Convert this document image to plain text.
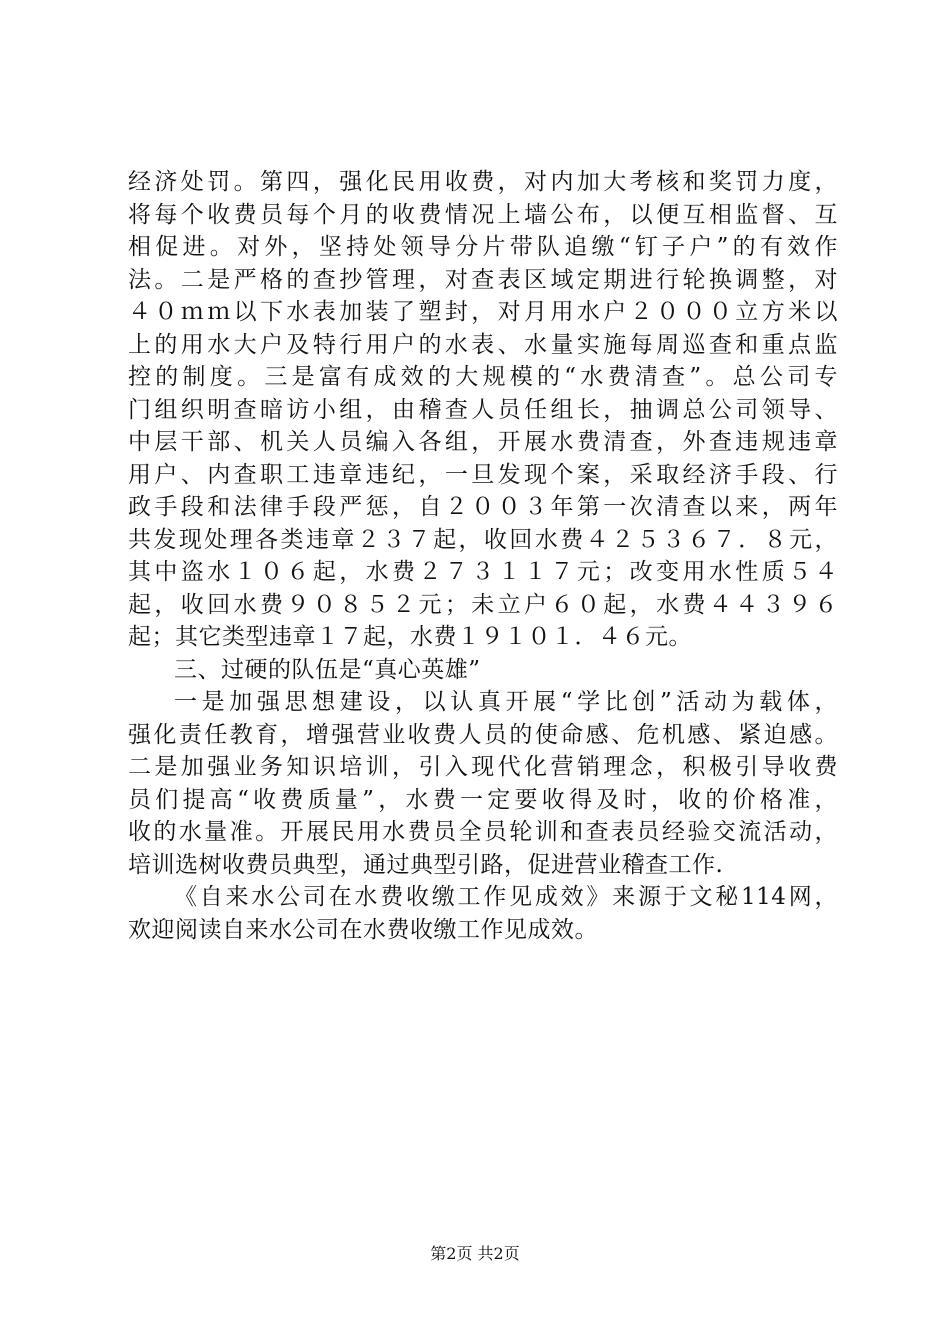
经济处罚。第四，强化民用收费，对内加大考核和奖罚力度，
将每个收费员每个月的收费情况上墙公布，以便互相监督、互
相促进。对外，坚持处领导分片带队追缴“钉子户”的有效作
法。二是严格的查抄管理，对查表区域定期进行轮换调整，对
４０ｍｍ以下水表加装了塑封，对月用水户２０００立方米以
上的用水大户及特行用户的水表、水量实施每周巡查和重点监
控的制度。三是富有成效的大规模的“水费清查”。总公司专
门组织明查暗访小组，由稽查人员任组长，抽调总公司领导、
中层干部、机关人员编入各组，开展水费清查，外查违规违章
用户、内查职工违章违纪，一旦发现个案，采取经济手段、行
政手段和法律手段严惩，自２００３年第一次清查以来，两年
共发现处理各类违章２３７起，收回水费４２５３６７．８元，
其中盗水１０６起，水费２７３１１７元；改变用水性质５４
起，收回水费９０８５２元；未立户６０起，水费４４３９６
起；其它类型违章１７起，水费１９１０１．４６元。
三、过硬的队伍是“真心英雄”
一是加强思想建设，以认真开展“学比创”活动为载体，
强化责任教育，增强营业收费人员的使命感、危机感、紧迫感。
二是加强业务知识培训，引入现代化营销理念，积极引导收费
员们提高“收费质量”，水费一定要收得及时，收的价格准，
收的水量准。开展民用水费员全员轮训和查表员经验交流活动，
培训选树收费员典型，通过典型引路，促进营业稽查工作.
《自来水公司在水费收缴工作见成效》来源于文秘114网，
欢迎阅读自来水公司在水费收缴工作见成效。
第2页 共2页
